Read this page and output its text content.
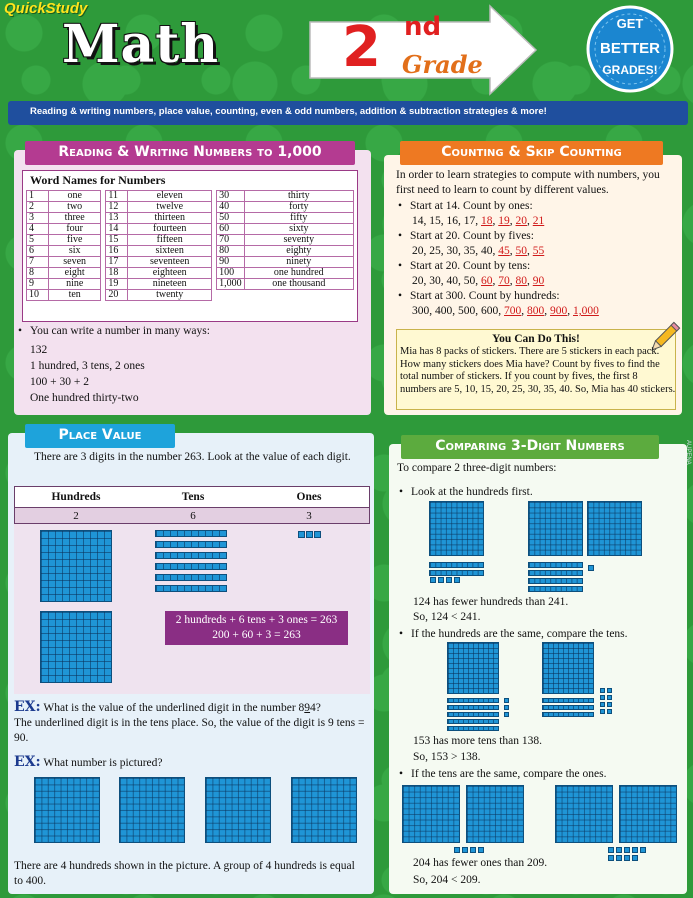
QuickStudy
Math 2 nd
Grade
GET
BETTER
GRADES!
Reading & writing numbers, place value, counting, even & odd numbers, addition & subtraction strategies & more!
Reading & Writing Numbers to 1,000
Word Names for Numbers
1	one		11	eleven		30	thirty
2	two		12	twelve		40	forty
3	three		13	thirteen		50	fifty
4	four		14	fourteen		60	sixty
5	five		15	fifteen		70	seventy
6	six		16	sixteen		80	eighty
7	seven		17	seventeen		90	ninety
8	eight		18	eighteen		100	one hundred
9	nine		19	nineteen		1,000	one thousand
10	ten		20	twenty			
• You can write a number in many ways:
132
1 hundred, 3 tens, 2 ones
100 + 30 + 2
One hundred thirty-two
Counting & Skip Counting
In order to learn strategies to compute with numbers, you first need to learn to count by different values.
• Start at 14. Count by ones:
14, 15, 16, 17, 18, 19, 20, 21
• Start at 20. Count by fives:
20, 25, 30, 35, 40, 45, 50, 55
• Start at 20. Count by tens:
20, 30, 40, 50, 60, 70, 80, 90
• Start at 300. Count by hundreds:
300, 400, 500, 600, 700, 800, 900, 1,000
You Can Do This!
Mia has 8 packs of stickers. There are 5 stickers in each pack. How many stickers does Mia have? Count by fives to find the total number of stickers. If you count by fives, the first 8 numbers are 5, 10, 15, 20, 25, 30, 35, 40. So, Mia has 40 stickers.
Place Value
There are 3 digits in the number 263. Look at the value of each digit.
Hundreds	Tens	Ones
2	6	3
2 hundreds + 6 tens + 3 ones = 263
200 + 60 + 3 = 263
EX: What is the value of the underlined digit in the number 894?
The underlined digit is in the tens place. So, the value of the digit is 9 tens = 90.
EX: What number is pictured?
There are 4 hundreds shown in the picture. A group of 4 hundreds is equal to 400.
Comparing 3-Digit Numbers
To compare 2 three-digit numbers:
• Look at the hundreds first.
124 has fewer hundreds than 241.
So, 124 < 241.
• If the hundreds are the same, compare the tens.
153 has more tens than 138.
So, 153 > 138.
• If the tens are the same, compare the ones.
204 has fewer ones than 209.
So, 204 < 209.
AUPENA
